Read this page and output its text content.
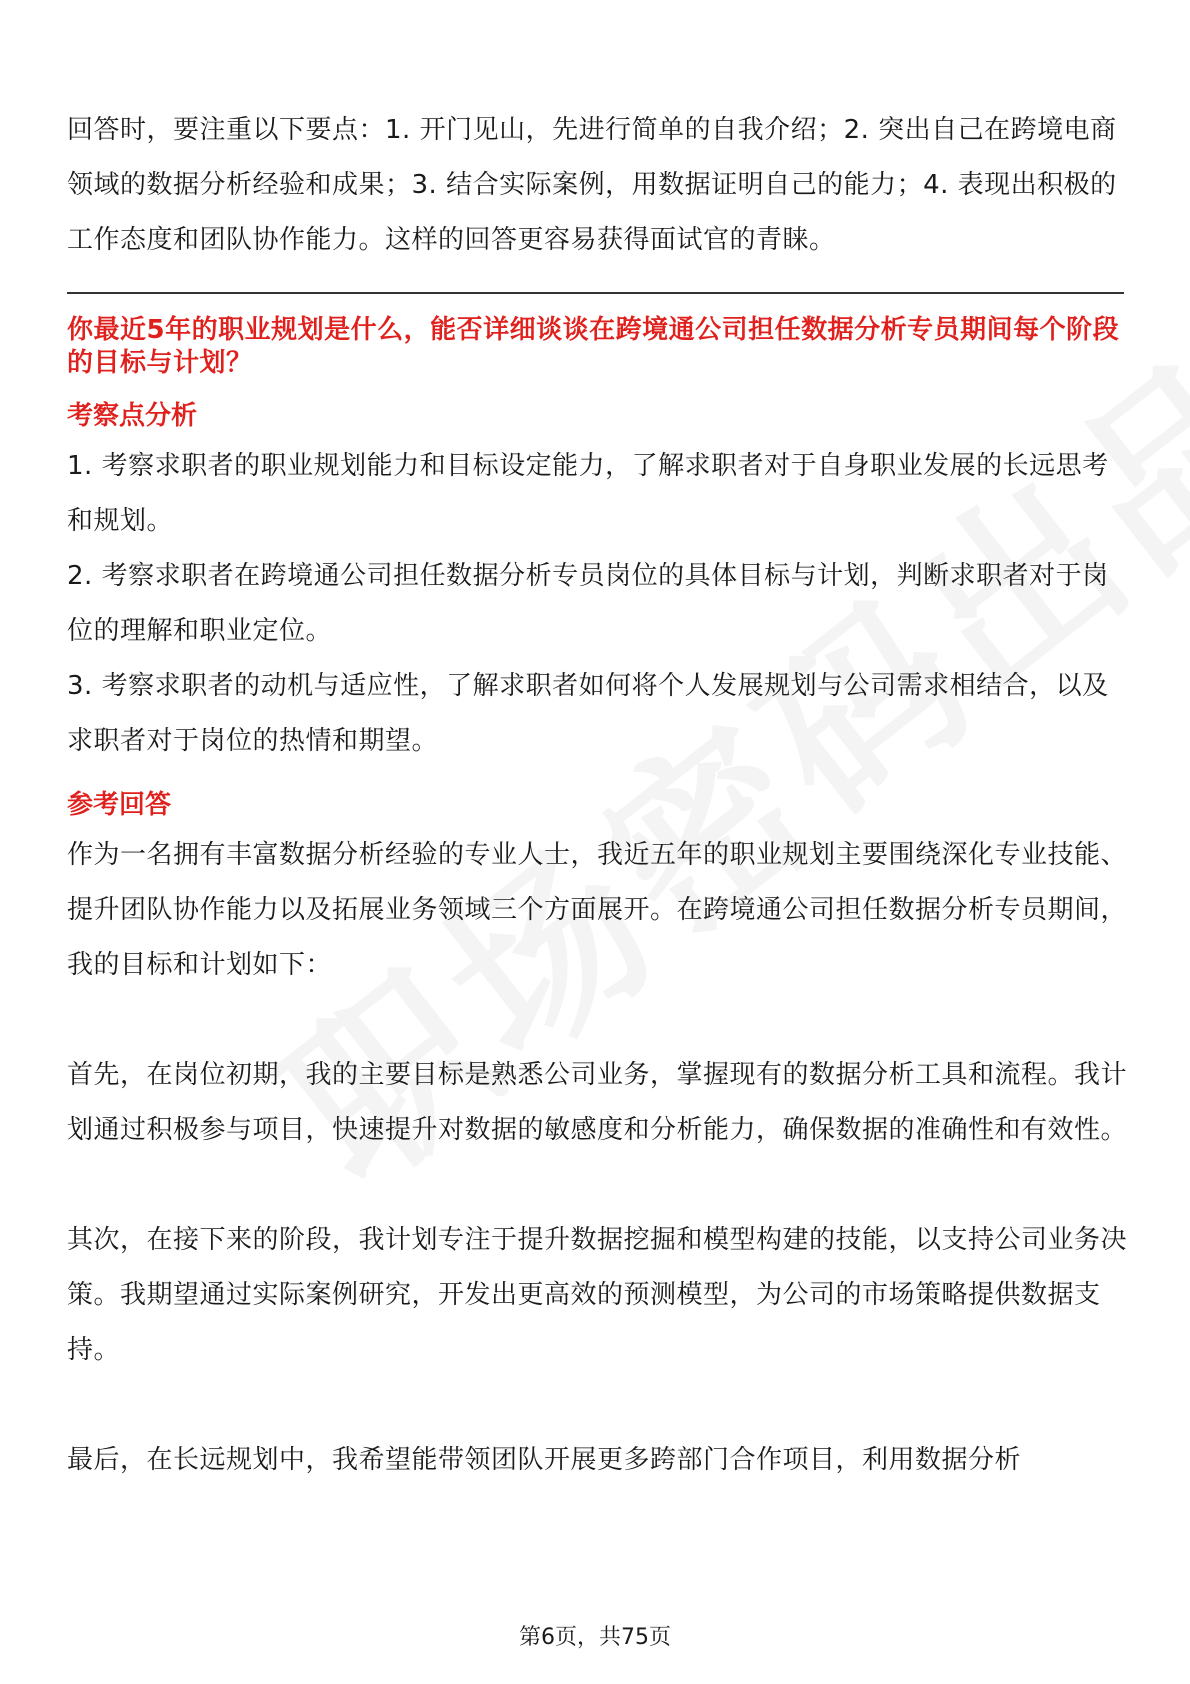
回答时，要注重以下要点：1. 开门见山，先进行简单的自我介绍；2. 突出自己在跨境电商领域的数据分析经验和成果；3. 结合实际案例，用数据证明自己的能力；4. 表现出积极的工作态度和团队协作能力。这样的回答更容易获得面试官的青睐。

你最近5年的职业规划是什么，能否详细谈谈在跨境通公司担任数据分析专员期间每个阶段的目标与计划？
考察点分析

1. 考察求职者的职业规划能力和目标设定能力，了解求职者对于自身职业发展的长远思考和规划。

2. 考察求职者在跨境通公司担任数据分析专员岗位的具体目标与计划，判断求职者对于岗位的理解和职业定位。

3. 考察求职者的动机与适应性，了解求职者如何将个人发展规划与公司需求相结合，以及求职者对于岗位的热情和期望。

参考回答

作为一名拥有丰富数据分析经验的专业人士，我近五年的职业规划主要围绕深化专业技能、提升团队协作能力以及拓展业务领域三个方面展开。在跨境通公司担任数据分析专员期间，我的目标和计划如下：

首先，在岗位初期，我的主要目标是熟悉公司业务，掌握现有的数据分析工具和流程。我计划通过积极参与项目，快速提升对数据的敏感度和分析能力，确保数据的准确性和有效性。

其次，在接下来的阶段，我计划专注于提升数据挖掘和模型构建的技能，以支持公司业务决策。我期望通过实际案例研究，开发出更高效的预测模型，为公司的市场策略提供数据支持。

最后，在长远规划中，我希望能带领团队开展更多跨部门合作项目，利用数据分析

第6页，共75页
